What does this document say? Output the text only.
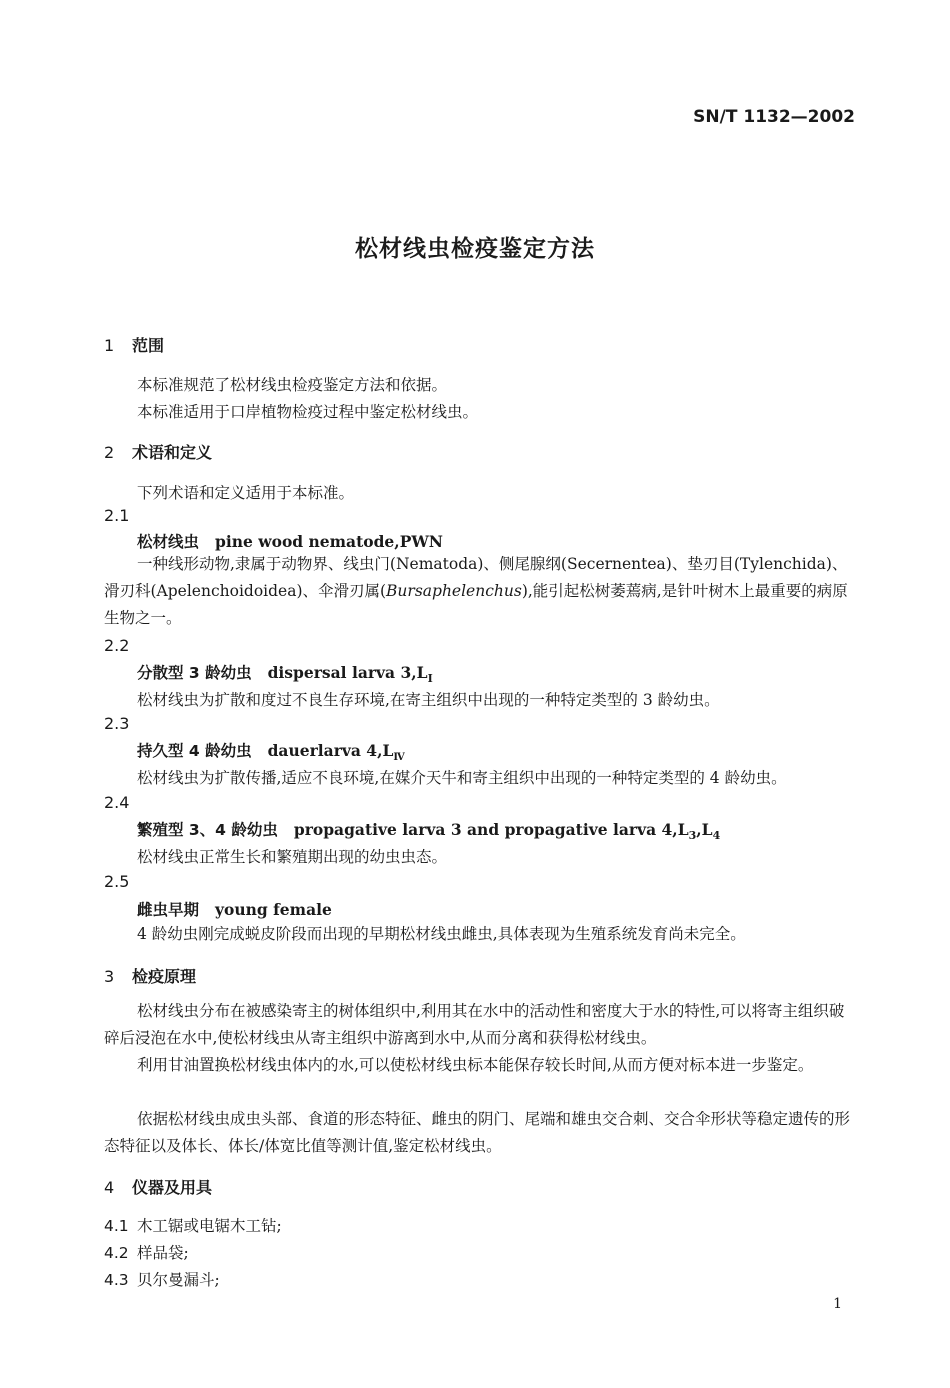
SN/T 1132—2002
松材线虫检疫鉴定方法
1 范围
本标准规范了松材线虫检疫鉴定方法和依据。
本标准适用于口岸植物检疫过程中鉴定松材线虫。
2 术语和定义
下列术语和定义适用于本标准。
2.1
松材线虫 pine wood nematode,PWN
一种线形动物,隶属于动物界、线虫门(Nematoda)、侧尾腺纲(Secernentea)、垫刃目(Tylenchida)、滑刃科(Apelenchoidoidea)、伞滑刃属(Bursaphelenchus),能引起松树萎蔫病,是针叶树木上最重要的病原生物之一。
2.2
分散型 3 龄幼虫 dispersal larva $3,L_I$
松材线虫为扩散和度过不良生存环境,在寄主组织中出现的一种特定类型的 3 龄幼虫。
2.3
持久型 4 龄幼虫 dauerlarva $4,L_Ⅳ$
松材线虫为扩散传播,适应不良环境,在媒介天牛和寄主组织中出现的一种特定类型的 4 龄幼虫。
2.4
繁殖型 3、4 龄幼虫 propagative larva 3 and propagative larva $4,L_3,L_4$
松材线虫正常生长和繁殖期出现的幼虫虫态。
2.5
雌虫早期 young female
4 龄幼虫刚完成蜕皮阶段而出现的早期松材线虫雌虫,具体表现为生殖系统发育尚未完全。
3 检疫原理
松材线虫分布在被感染寄主的树体组织中,利用其在水中的活动性和密度大于水的特性,可以将寄主组织破碎后浸泡在水中,使松材线虫从寄主组织中游离到水中,从而分离和获得松材线虫。
利用甘油置换松材线虫体内的水,可以使松材线虫标本能保存较长时间,从而方便对标本进一步鉴定。
依据松材线虫成虫头部、食道的形态特征、雌虫的阴门、尾端和雄虫交合刺、交合伞形状等稳定遗传的形态特征以及体长、体长/体宽比值等测计值,鉴定松材线虫。
4 仪器及用具
4.1 木工锯或电锯木工钻;
4.2 样品袋;
4.3 贝尔曼漏斗;
1
